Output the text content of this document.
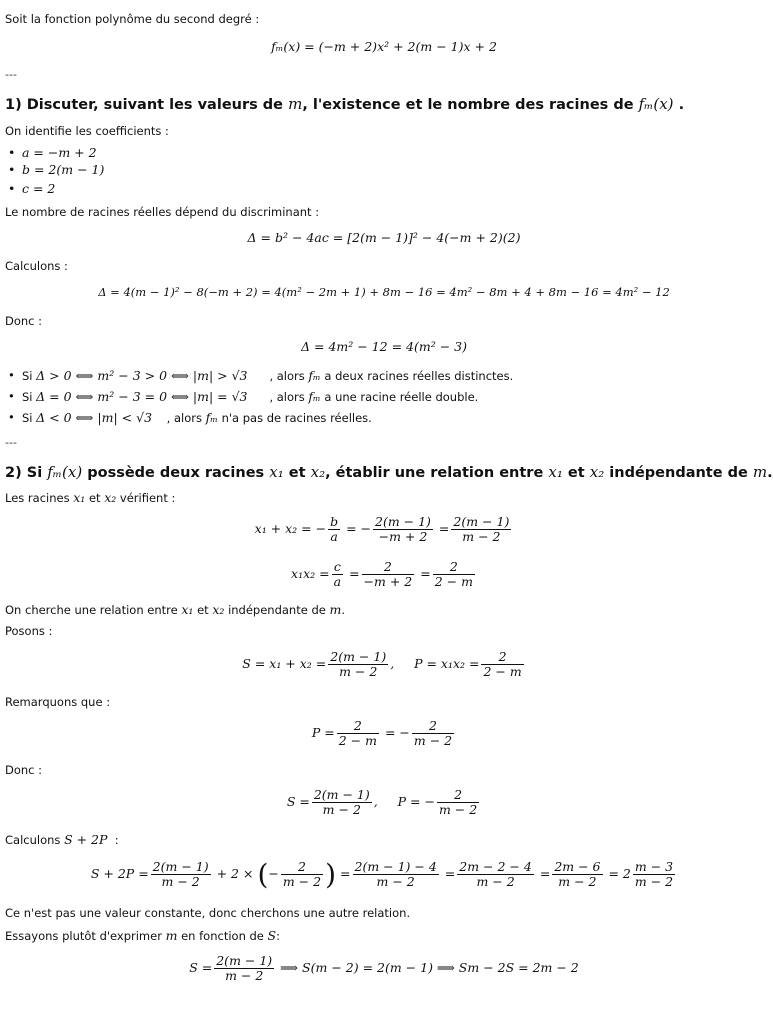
Soit la fonction polynôme du second degré :
fₘ(x) = (−m + 2)x² + 2(m − 1)x + 2
---
1) Discuter, suivant les valeurs de m, l'existence et le nombre des racines de fₘ(x) .
On identifie les coefficients :
• a = −m + 2
• b = 2(m − 1)
• c = 2
Le nombre de racines réelles dépend du discriminant :
Δ = b² − 4ac = [2(m − 1)]² − 4(−m + 2)(2)
Calculons :
Δ = 4(m − 1)² − 8(−m + 2) = 4(m² − 2m + 1) + 8m − 16 = 4m² − 8m + 4 + 8m − 16 = 4m² − 12
Donc :
Δ = 4m² − 12 = 4(m² − 3)
• Si Δ > 0 ⟺ m² − 3 > 0 ⟺ |m| > √3 , alors fₘ a deux racines réelles distinctes.
• Si Δ = 0 ⟺ m² − 3 = 0 ⟺ |m| = √3 , alors fₘ a une racine réelle double.
• Si Δ < 0 ⟺ |m| < √3 , alors fₘ n'a pas de racines réelles.
---
2) Si fₘ(x) possède deux racines x₁ et x₂, établir une relation entre x₁ et x₂ indépendante de m.
Les racines x₁ et x₂ vérifient :
x₁ + x₂ = − $\frac{b}{a}$ = − $\frac{2(m - 1)}{-m + 2} = \frac{2(m - 1)}{m - 2}$
$x_1x_2 = \frac{c}{a} = \frac{2}{-m + 2} = \frac{2}{2 - m}$
On cherche une relation entre x₁ et x₂ indépendante de m.
Posons :
$S = x_1 + x_2 = \frac{2(m - 1)}{m - 2}$ , $P = x_1x_2 = \frac{2}{2 - m}$
Remarquons que :
$P = \frac{2}{2 - m}$ = − $\frac{2}{m - 2}$
Donc :
$S = \frac{2(m - 1)}{m - 2}$ , P = − $\frac{2}{m - 2}$
Calculons S + 2P :
$S + 2P = \frac{2(m - 1)}{m - 2} + 2$ × (− $\frac{2}{m - 2}$ ) = $\frac{2(m - 1) - 4}{m - 2} = \frac{2m - 2 - 4}{m - 2} = \frac{2m - 6}{m - 2} = 2 \frac{m - 3}{m - 2}$
Ce n'est pas une valeur constante, donc cherchons une autre relation.
Essayons plutôt d'exprimer m en fonction de S:
$S = \frac{2(m - 1)}{m - 2}$ ⟹ S(m − 2) = 2(m − 1) ⟹ Sm − 2S = 2m − 2
